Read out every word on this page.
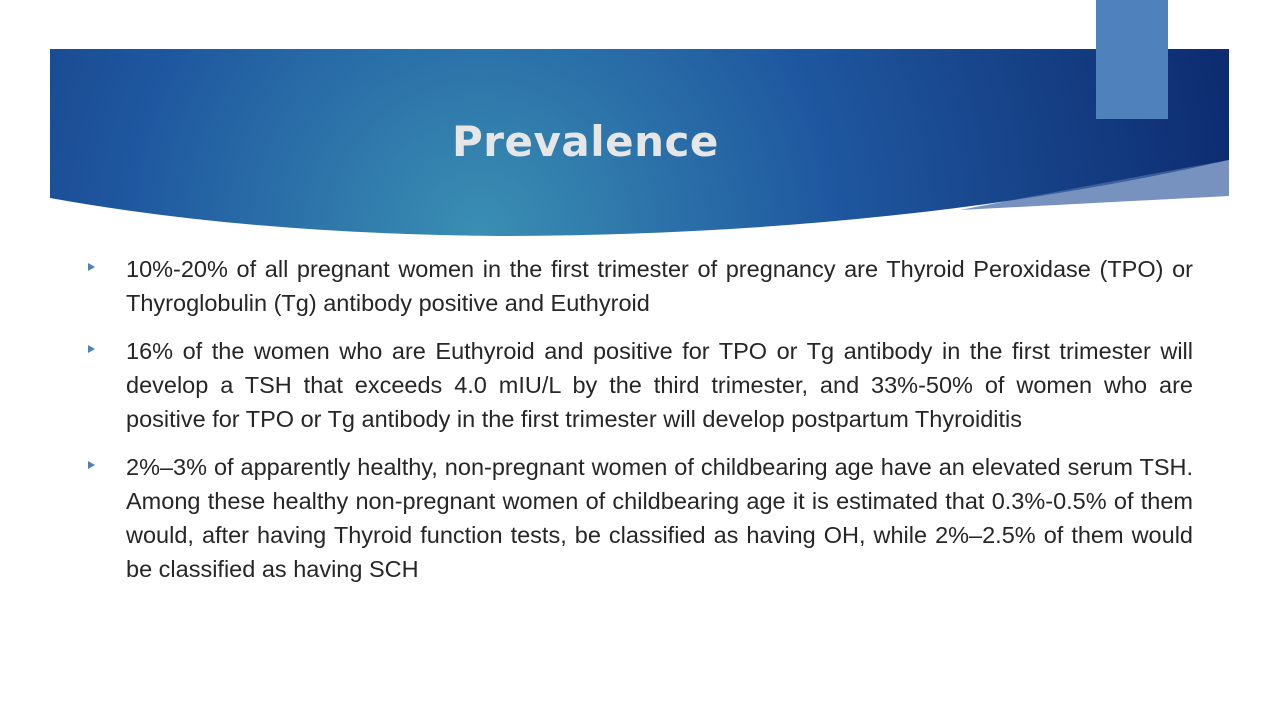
Prevalence
10%-20% of all pregnant women in the first trimester of pregnancy are Thyroid Peroxidase (TPO) or Thyroglobulin (Tg) antibody positive and Euthyroid
16% of the women who are Euthyroid and positive for TPO or Tg antibody in the first trimester will develop a TSH that exceeds 4.0 mIU/L by the third trimester, and 33%-50% of women who are positive for TPO or Tg antibody in the first trimester will develop postpartum Thyroiditis
2%–3% of apparently healthy, non-pregnant women of childbearing age have an elevated serum TSH. Among these healthy non-pregnant women of childbearing age it is estimated that 0.3%-0.5% of them would, after having Thyroid function tests, be classified as having OH, while 2%–2.5% of them would be classified as having SCH
